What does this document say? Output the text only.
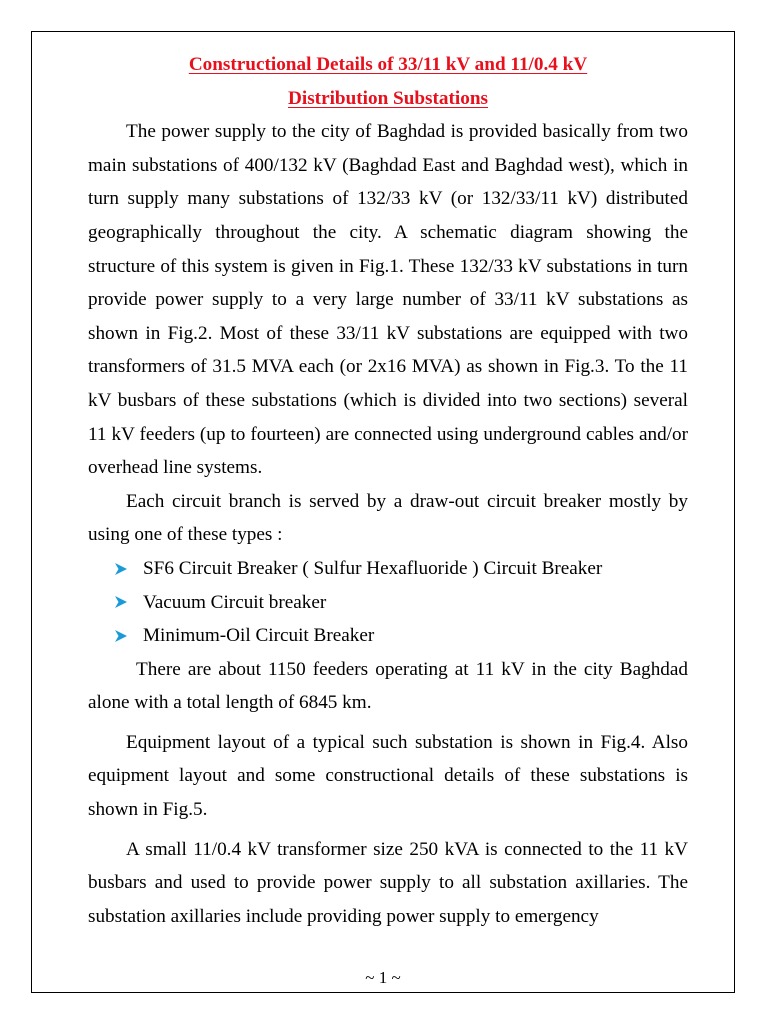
Constructional Details of 33/11 kV and 11/0.4 kV

Distribution Substations

The power supply to the city of Baghdad is provided basically from two main substations of 400/132 kV (Baghdad East and Baghdad west), which in turn supply many substations of 132/33 kV (or 132/33/11 kV) distributed geographically throughout the city. A schematic diagram showing the structure of this system is given in Fig.1. These 132/33 kV substations in turn provide power supply to a very large number of 33/11 kV substations as shown in Fig.2. Most of these 33/11 kV substations are equipped with two transformers of 31.5 MVA each (or 2x16 MVA) as shown in Fig.3. To the 11 kV busbars of these substations (which is divided into two sections) several 11 kV feeders (up to fourteen) are connected using underground cables and/or overhead line systems.

Each circuit branch is served by a draw-out circuit breaker mostly by using one of these types :

SF6 Circuit Breaker ( Sulfur Hexafluoride ) Circuit Breaker
Vacuum Circuit breaker
Minimum-Oil Circuit Breaker

There are about 1150 feeders operating at 11 kV in the city Baghdad alone with a total length of 6845 km.

Equipment layout of a typical such substation is shown in Fig.4. Also equipment layout and some constructional details of these substations is shown in Fig.5.

A small 11/0.4 kV transformer size 250 kVA is connected to the 11 kV busbars and used to provide power supply to all substation axillaries. The substation axillaries include providing power supply to emergency

~ 1 ~
